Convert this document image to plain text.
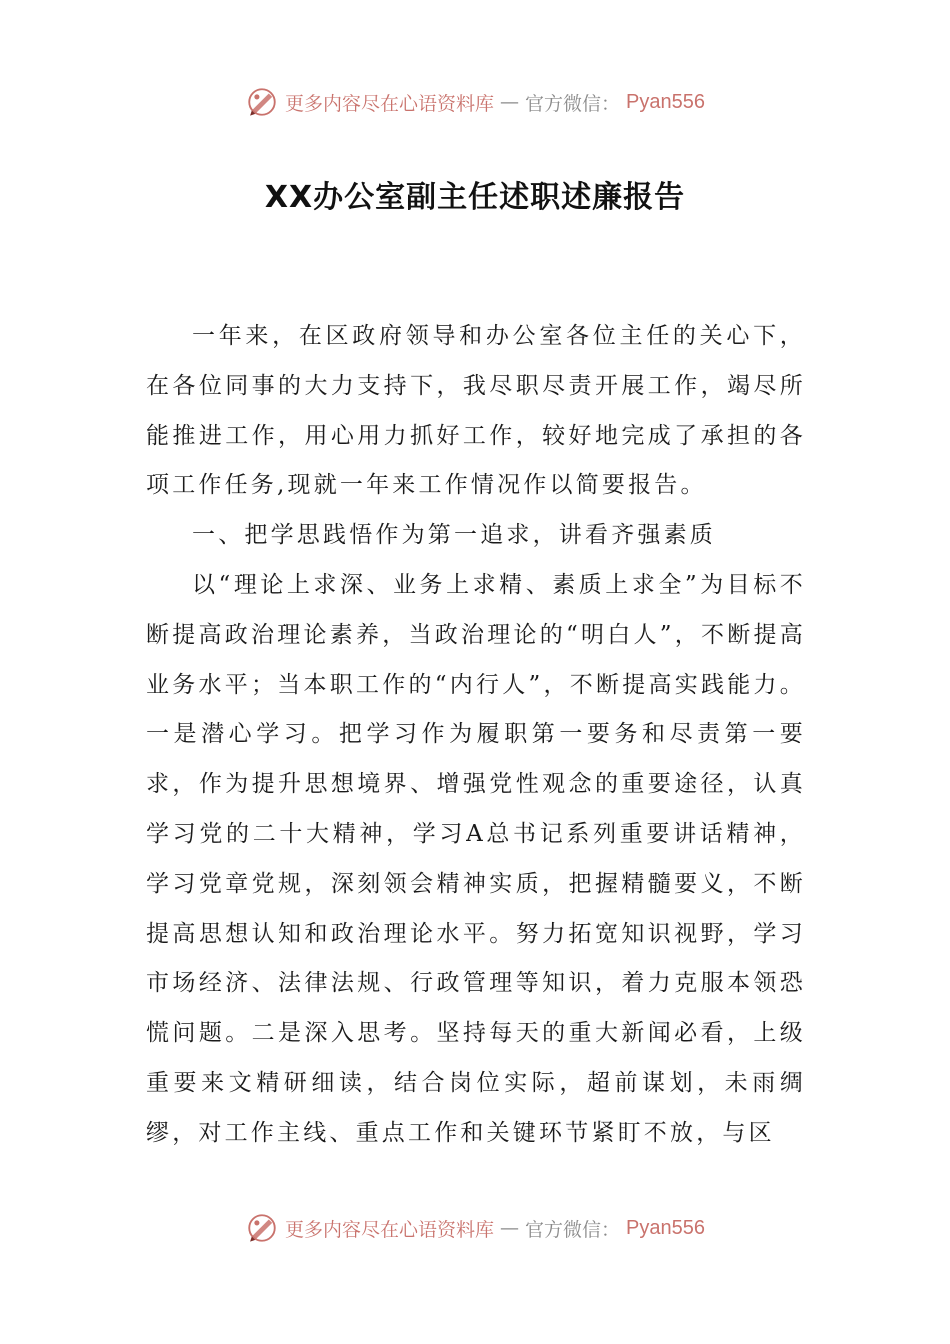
更多内容尽在心语资料库 — 官方微信： Pyan556
XX办公室副主任述职述廉报告

一年来，在区政府领导和办公室各位主任的关心下，在各位同事的大力支持下，我尽职尽责开展工作，竭尽所能推进工作，用心用力抓好工作，较好地完成了承担的各项工作任务,现就一年来工作情况作以简要报告。

一、把学思践悟作为第一追求，讲看齐强素质

以“理论上求深、业务上求精、素质上求全”为目标不断提高政治理论素养，当政治理论的“明白人”，不断提高业务水平；当本职工作的“内行人”，不断提高实践能力。一是潜心学习。把学习作为履职第一要务和尽责第一要求，作为提升思想境界、增强党性观念的重要途径，认真学习党的二十大精神，学习A总书记系列重要讲话精神，学习党章党规，深刻领会精神实质，把握精髓要义，不断提高思想认知和政治理论水平。努力拓宽知识视野，学习市场经济、法律法规、行政管理等知识，着力克服本领恐慌问题。二是深入思考。坚持每天的重大新闻必看，上级重要来文精研细读，结合岗位实际，超前谋划，未雨绸缪，对工作主线、重点工作和关键环节紧盯不放，与区

更多内容尽在心语资料库 — 官方微信： Pyan556
